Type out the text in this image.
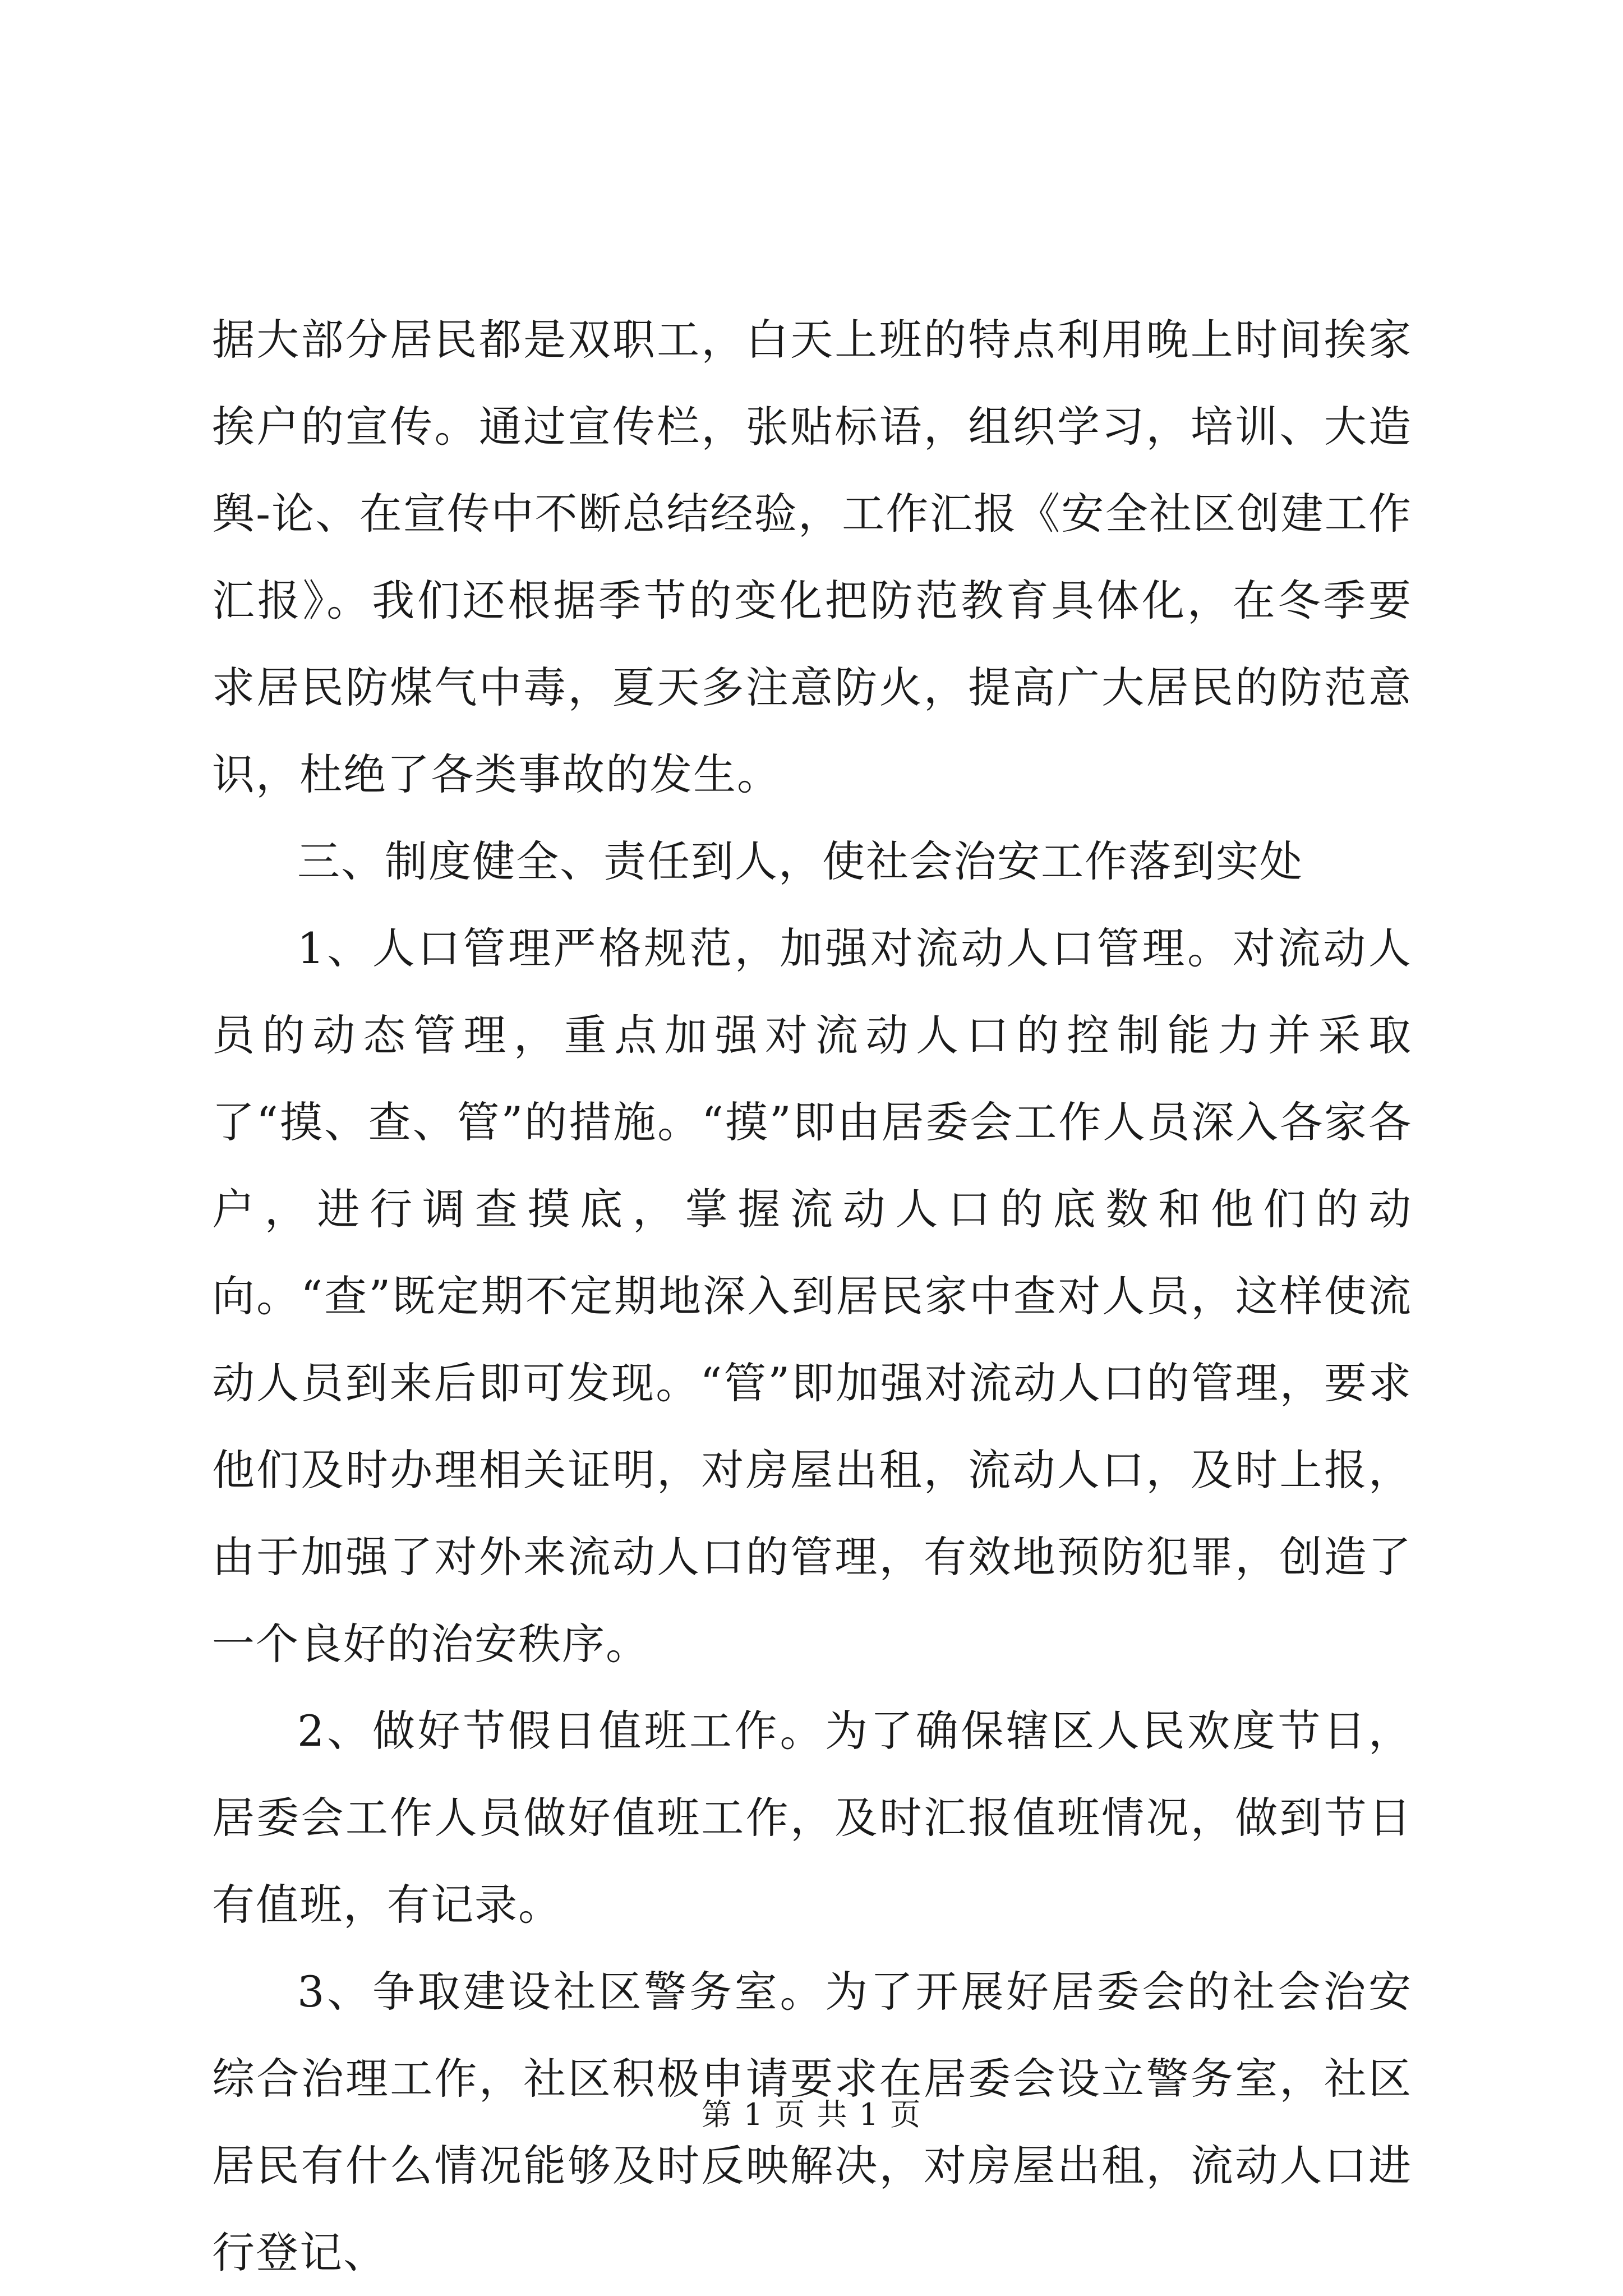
据大部分居民都是双职工，白天上班的特点利用晚上时间挨家挨户的宣传。通过宣传栏，张贴标语，组织学习，培训、大造舆-论、在宣传中不断总结经验，工作汇报《安全社区创建工作汇报》。我们还根据季节的变化把防范教育具体化，在冬季要求居民防煤气中毒，夏天多注意防火，提高广大居民的防范意识，杜绝了各类事故的发生。

三、制度健全、责任到人，使社会治安工作落到实处

1、人口管理严格规范，加强对流动人口管理。对流动人员的动态管理，重点加强对流动人口的控制能力并采取了“摸、查、管”的措施。“摸”即由居委会工作人员深入各家各户，进行调查摸底，掌握流动人口的底数和他们的动向。“查”既定期不定期地深入到居民家中查对人员，这样使流动人员到来后即可发现。“管”即加强对流动人口的管理，要求他们及时办理相关证明，对房屋出租，流动人口，及时上报，由于加强了对外来流动人口的管理，有效地预防犯罪，创造了一个良好的治安秩序。

2、做好节假日值班工作。为了确保辖区人民欢度节日，居委会工作人员做好值班工作，及时汇报值班情况，做到节日有值班，有记录。

3、争取建设社区警务室。为了开展好居委会的社会治安综合治理工作，社区积极申请要求在居委会设立警务室，社区居民有什么情况能够及时反映解决，对房屋出租，流动人口进行登记、

第 1 页 共 1 页
